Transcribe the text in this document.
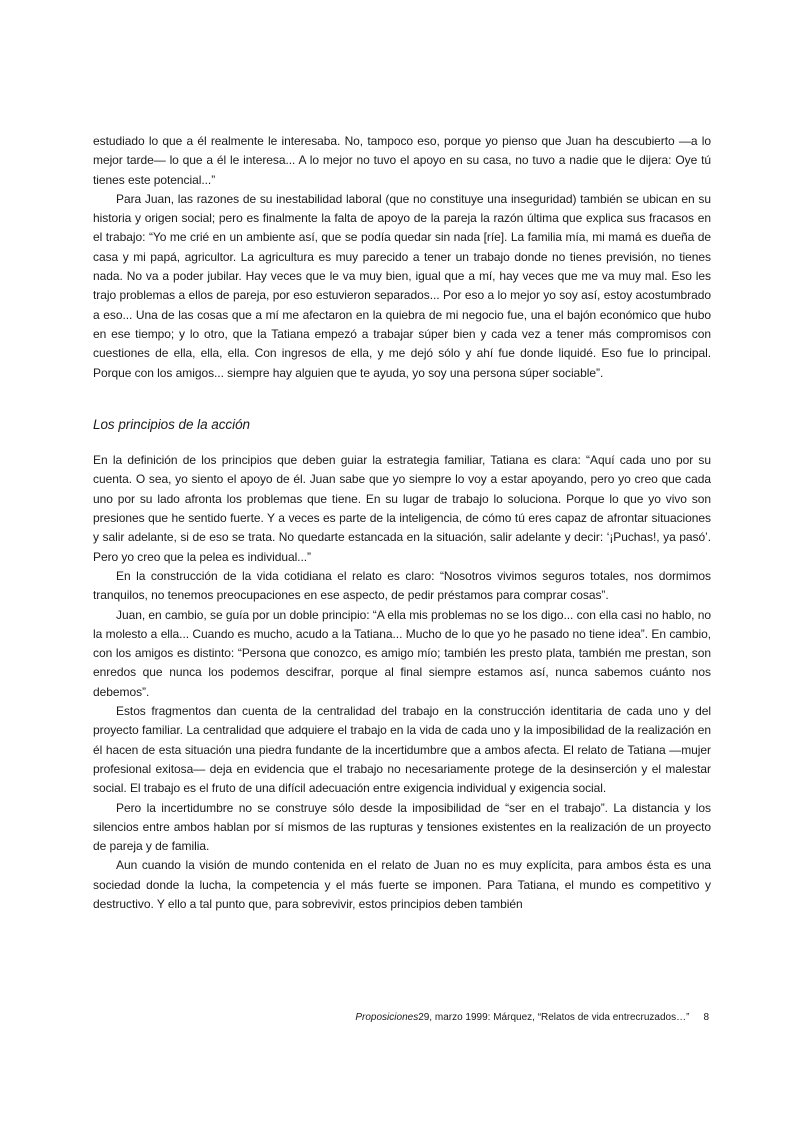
estudiado lo que a él realmente le interesaba. No, tampoco eso, porque yo pienso que Juan ha descubierto —a lo mejor tarde— lo que a él le interesa... A lo mejor no tuvo el apoyo en su casa, no tuvo a nadie que le dijera: Oye tú tienes este potencial...”

Para Juan, las razones de su inestabilidad laboral (que no constituye una inseguridad) también se ubican en su historia y origen social; pero es finalmente la falta de apoyo de la pareja la razón última que explica sus fracasos en el trabajo: “Yo me crié en un ambiente así, que se podía quedar sin nada [ríe]. La familia mía, mi mamá es dueña de casa y mi papá, agricultor. La agricultura es muy parecido a tener un trabajo donde no tienes previsión, no tienes nada. No va a poder jubilar. Hay veces que le va muy bien, igual que a mí, hay veces que me va muy mal. Eso les trajo problemas a ellos de pareja, por eso estuvieron separados... Por eso a lo mejor yo soy así, estoy acostumbrado a eso... Una de las cosas que a mí me afectaron en la quiebra de mi negocio fue, una el bajón económico que hubo en ese tiempo; y lo otro, que la Tatiana empezó a trabajar súper bien y cada vez a tener más compromisos con cuestiones de ella, ella, ella. Con ingresos de ella, y me dejó sólo y ahí fue donde liquidé. Eso fue lo principal. Porque con los amigos... siempre hay alguien que te ayuda, yo soy una persona súper sociable”.

Los principios de la acción

En la definición de los principios que deben guiar la estrategia familiar, Tatiana es clara: “Aquí cada uno por su cuenta. O sea, yo siento el apoyo de él. Juan sabe que yo siempre lo voy a estar apoyando, pero yo creo que cada uno por su lado afronta los problemas que tiene. En su lugar de trabajo lo soluciona. Porque lo que yo vivo son presiones que he sentido fuerte. Y a veces es parte de la inteligencia, de cómo tú eres capaz de afrontar situaciones y salir adelante, si de eso se trata. No quedarte estancada en la situación, salir adelante y decir: ‘¡Puchas!, ya pasó’. Pero yo creo que la pelea es individual...”

En la construcción de la vida cotidiana el relato es claro: “Nosotros vivimos seguros totales, nos dormimos tranquilos, no tenemos preocupaciones en ese aspecto, de pedir préstamos para comprar cosas”.

Juan, en cambio, se guía por un doble principio: “A ella mis problemas no se los digo... con ella casi no hablo, no la molesto a ella... Cuando es mucho, acudo a la Tatiana... Mucho de lo que yo he pasado no tiene idea”. En cambio, con los amigos es distinto: “Persona que conozco, es amigo mío; también les presto plata, también me prestan, son enredos que nunca los podemos descifrar, porque al final siempre estamos así, nunca sabemos cuánto nos debemos”.

Estos fragmentos dan cuenta de la centralidad del trabajo en la construcción identitaria de cada uno y del proyecto familiar. La centralidad que adquiere el trabajo en la vida de cada uno y la imposibilidad de la realización en él hacen de esta situación una piedra fundante de la incertidumbre que a ambos afecta. El relato de Tatiana —mujer profesional exitosa— deja en evidencia que el trabajo no necesariamente protege de la desinserción y el malestar social. El trabajo es el fruto de una difícil adecuación entre exigencia individual y exigencia social.

Pero la incertidumbre no se construye sólo desde la imposibilidad de “ser en el trabajo”. La distancia y los silencios entre ambos hablan por sí mismos de las rupturas y tensiones existentes en la realización de un proyecto de pareja y de familia.

Aun cuando la visión de mundo contenida en el relato de Juan no es muy explícita, para ambos ésta es una sociedad donde la lucha, la competencia y el más fuerte se imponen. Para Tatiana, el mundo es competitivo y destructivo. Y ello a tal punto que, para sobrevivir, estos principios deben también

Proposiciones29, marzo 1999: Márquez, “Relatos de vida entrecruzados…” 8
